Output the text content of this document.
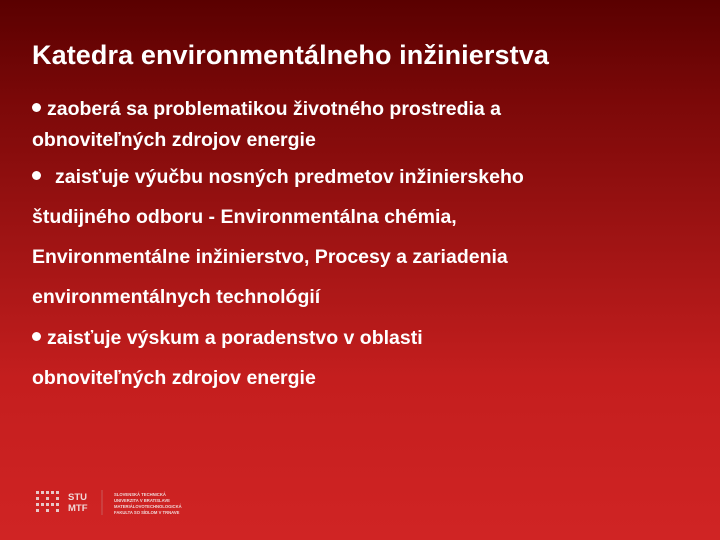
Katedra environmentálneho inžinierstva
zaoberá sa problematikou životného prostredia a
obnoviteľných zdrojov energie
zaisťuje výučbu nosných predmetov inžinierskeho
študijného odboru - Environmentálna chémia,
Environmentálne inžinierstvo, Procesy a zariadenia
environmentálnych technológií
zaisťuje výskum a poradenstvo v oblasti
obnoviteľných zdrojov energie
STU
MTF
SLOVENSKÁ TECHNICKÁ
UNIVERZITA V BRATISLAVE
MATERIÁLOVOTECHNOLOGICKÁ
FAKULTA SO SÍDLOM V TRNAVE
